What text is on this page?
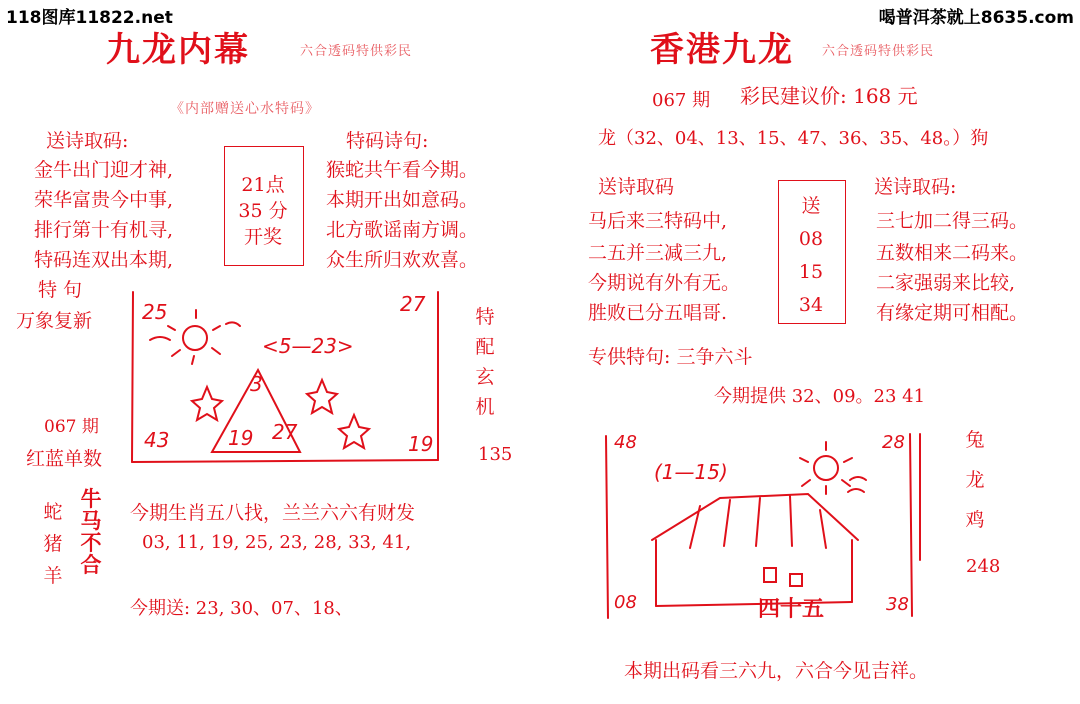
118图库11822.net	喝普洱茶就上8635.com
九龙内幕	六合透码特供彩民
《内部赠送心水特码》
送诗取码:
金牛出门迎才神,
荣华富贵今中事,
排行第十有机寻,
特码连双出本期,
21点
35 分
开奖
特码诗句:
猴蛇共午看今期。
本期开出如意码。
北方歌谣南方调。
众生所归欢欢喜。
特 句
万象复新
067 期
红蓝单数
特
配
玄
机
135
25	27
43	19
<5—23>
3
19 27
蛇
猪
羊
牛
马
不
合
今期生肖五八找，兰兰六六有财发
03, 11, 19, 25, 23, 28, 33, 41,
今期送: 23, 30、07、18、
香港九龙 六合透码特供彩民
067 期 彩民建议价: 168 元
龙（32、04、13、15、47、36、35、48。）狗
送诗取码
马后来三特码中,
二五并三减三九,
今期说有外有无。
胜败已分五唱哥.
送
08
15
34
送诗取码:
三七加二得三码。
五数相来二码来。
二家强弱来比较,
有缘定期可相配。
专供特句: 三争六斗
今期提供 32、09。23 41
48	28
08	38
(1—15)
四十五
兔
龙
鸡
248
本期出码看三六九，六合今见吉祥。
